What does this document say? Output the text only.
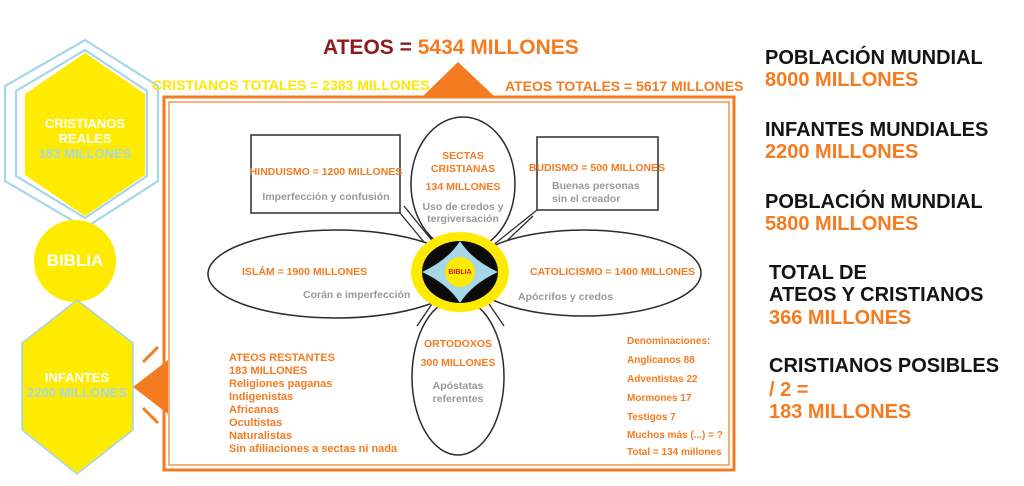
CRISTIANOS
REALES
183 MILLONES
BIBLIA
INFANTES
2200 MILLONES
ATEOS = 5434 MILLONES
CRISTIANOS TOTALES = 2383 MILLONES	ATEOS TOTALES = 5617 MILLONES
SECTAS
CRISTIANAS
134 MILLONES
Uso de credos y
tergiversación
HINDUISMO = 1200 MILLONES
Imperfección y confusión
BUDISMO = 500 MILLONES
Buenas personas
sin el creador
ISLÁM = 1900 MILLONES
Corán e imperfección
CATOLICISMO = 1400 MILLONES
Apócrifos y credos
ORTODOXOS
300 MILLONES
Apóstatas
referentes
BIBLIA
ATEOS RESTANTES
183 MILLONES
Religiones paganas
Indigenistas
Africanas
Ocultistas
Naturalistas
Sin afiliaciones a sectas ni nada
Denominaciones:
Anglicanos 88
Adventistas 22
Mormones 17
Testigos 7
Muchos más (...) = ?
Total = 134 millones
POBLACIÓN MUNDIAL
8000 MILLONES
INFANTES MUNDIALES
2200 MILLONES
POBLACIÓN MUNDIAL
5800 MILLONES
TOTAL DE
ATEOS Y CRISTIANOS
366 MILLONES
CRISTIANOS POSIBLES
/ 2 =
183 MILLONES
